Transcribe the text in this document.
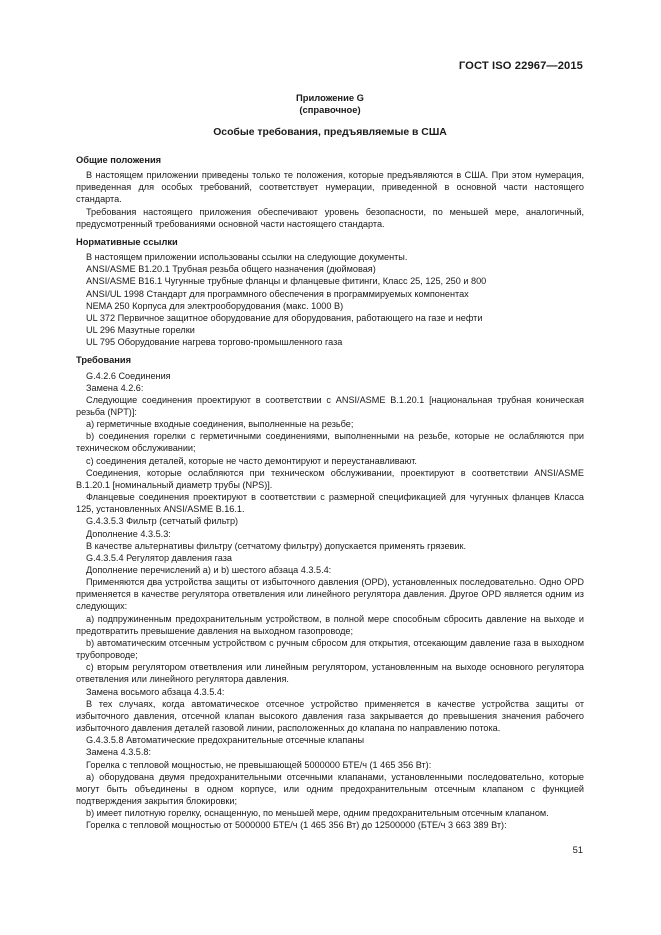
ГОСТ ISO 22967—2015
Приложение G
(справочное)
Особые требования, предъявляемые в США
Общие положения

В настоящем приложении приведены только те положения, которые предъявляются в США. При этом нумерация, приведенная для особых требований, соответствует нумерации, приведенной в основной части настоящего стандарта.

Требования настоящего приложения обеспечивают уровень безопасности, по меньшей мере, аналогичный, предусмотренный требованиями основной части настоящего стандарта.

Нормативные ссылки

В настоящем приложении использованы ссылки на следующие документы.

ANSI/ASME B1.20.1 Трубная резьба общего назначения (дюймовая)
ANSI/ASME B16.1 Чугунные трубные фланцы и фланцевые фитинги, Класс 25, 125, 250 и 800
ANSI/UL 1998 Стандарт для программного обеспечения в программируемых компонентах
NEMA 250 Корпуса для электрооборудования (макс. 1000 В)
UL 372 Первичное защитное оборудование для оборудования, работающего на газе и нефти
UL 296 Мазутные горелки
UL 795 Оборудование нагрева торгово-промышленного газа
Требования

G.4.2.6 Соединения

Замена 4.2.6:

Следующие соединения проектируют в соответствии с ANSI/ASME B.1.20.1 [национальная трубная коническая резьба (NPT)]:

a) герметичные входные соединения, выполненные на резьбе;

b) соединения горелки с герметичными соединениями, выполненными на резьбе, которые не ослабляются при техническом обслуживании;

c) соединения деталей, которые не часто демонтируют и переустанавливают.

Соединения, которые ослабляются при техническом обслуживании, проектируют в соответствии ANSI/ASME B.1.20.1 [номинальный диаметр трубы (NPS)].

Фланцевые соединения проектируют в соответствии с размерной спецификацией для чугунных фланцев Класса 125, установленных ANSI/ASME B.16.1.

G.4.3.5.3 Фильтр (сетчатый фильтр)

Дополнение 4.3.5.3:

В качестве альтернативы фильтру (сетчатому фильтру) допускается применять грязевик.

G.4.3.5.4 Регулятор давления газа

Дополнение перечислений a) и b) шестого абзаца 4.3.5.4:

Применяются два устройства защиты от избыточного давления (OPD), установленных последовательно. Одно OPD применяется в качестве регулятора ответвления или линейного регулятора давления. Другое OPD является одним из следующих:

a) подпружиненным предохранительным устройством, в полной мере способным сбросить давление на выходе и предотвратить превышение давления на выходном газопроводе;

b) автоматическим отсечным устройством с ручным сбросом для открытия, отсекающим давление газа в выходном трубопроводе;

c) вторым регулятором ответвления или линейным регулятором, установленным на выходе основного регулятора ответвления или линейного регулятора давления.

Замена восьмого абзаца 4.3.5.4:

В тех случаях, когда автоматическое отсечное устройство применяется в качестве устройства защиты от избыточного давления, отсечной клапан высокого давления газа закрывается до превышения значения рабочего избыточного давления деталей газовой линии, расположенных до клапана по направлению потока.

G.4.3.5.8 Автоматические предохранительные отсечные клапаны

Замена 4.3.5.8:

Горелка с тепловой мощностью, не превышающей 5000000 БТЕ/ч (1 465 356 Вт):

a) оборудована двумя предохранительными отсечными клапанами, установленными последовательно, которые могут быть объединены в одном корпусе, или одним предохранительным отсечным клапаном с функцией подтверждения закрытия блокировки;

b) имеет пилотную горелку, оснащенную, по меньшей мере, одним предохранительным отсечным клапаном.

Горелка с тепловой мощностью от 5000000 БТЕ/ч (1 465 356 Вт) до 12500000 (БТЕ/ч 3 663 389 Вт):

51
